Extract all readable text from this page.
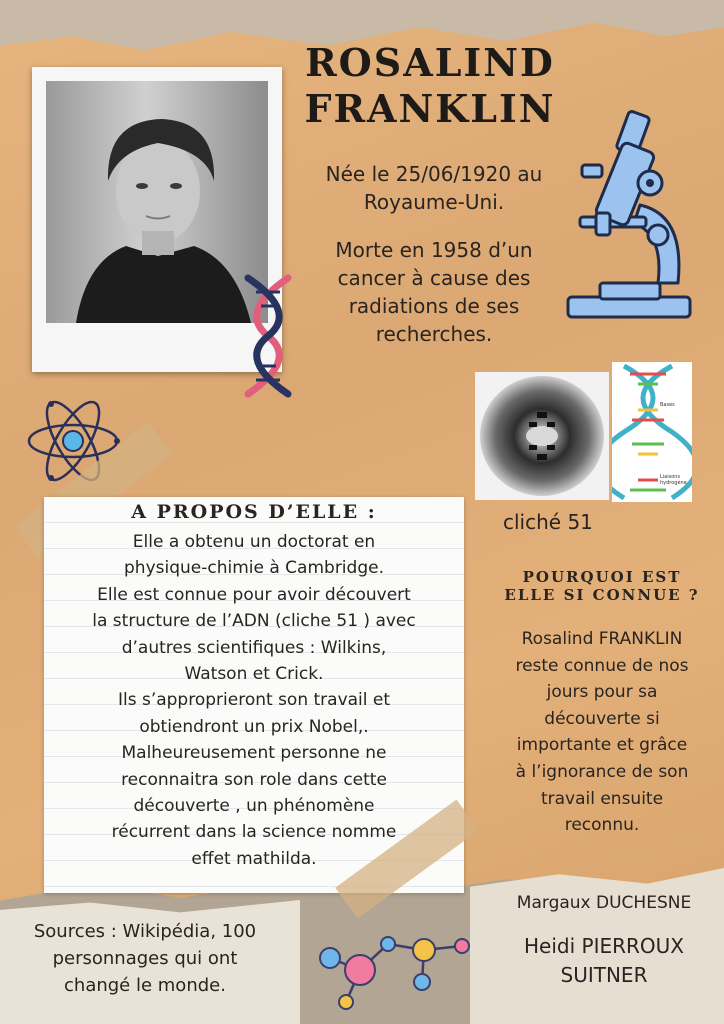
ROSALIND
FRANKLIN
Née le 25/06/1920 au
Royaume-Uni.
Morte en 1958 d’un
cancer à cause des
radiations de ses
recherches.
Bases
Liaisons hydrogène
cliché 51
A PROPOS D’ELLE :
Elle a obtenu un doctorat en
physique-chimie à Cambridge.
Elle est connue pour avoir découvert
la structure de l’ADN (cliche 51 ) avec
d’autres scientifiques : Wilkins,
Watson et Crick.
Ils s’approprieront son travail et
obtiendront un prix Nobel,.
Malheureusement personne ne
reconnaitra son role dans cette
découverte , un phénomène
récurrent dans la science nomme
effet mathilda.
POURQUOI EST
ELLE SI CONNUE ?
Rosalind FRANKLIN
reste connue de nos
jours pour sa
découverte si
importante et grâce
à l’ignorance de son
travail ensuite
reconnu.
Sources : Wikipédia, 100
personnages qui ont
changé le monde.
Margaux DUCHESNE
Heidi PIERROUX
SUITNER
